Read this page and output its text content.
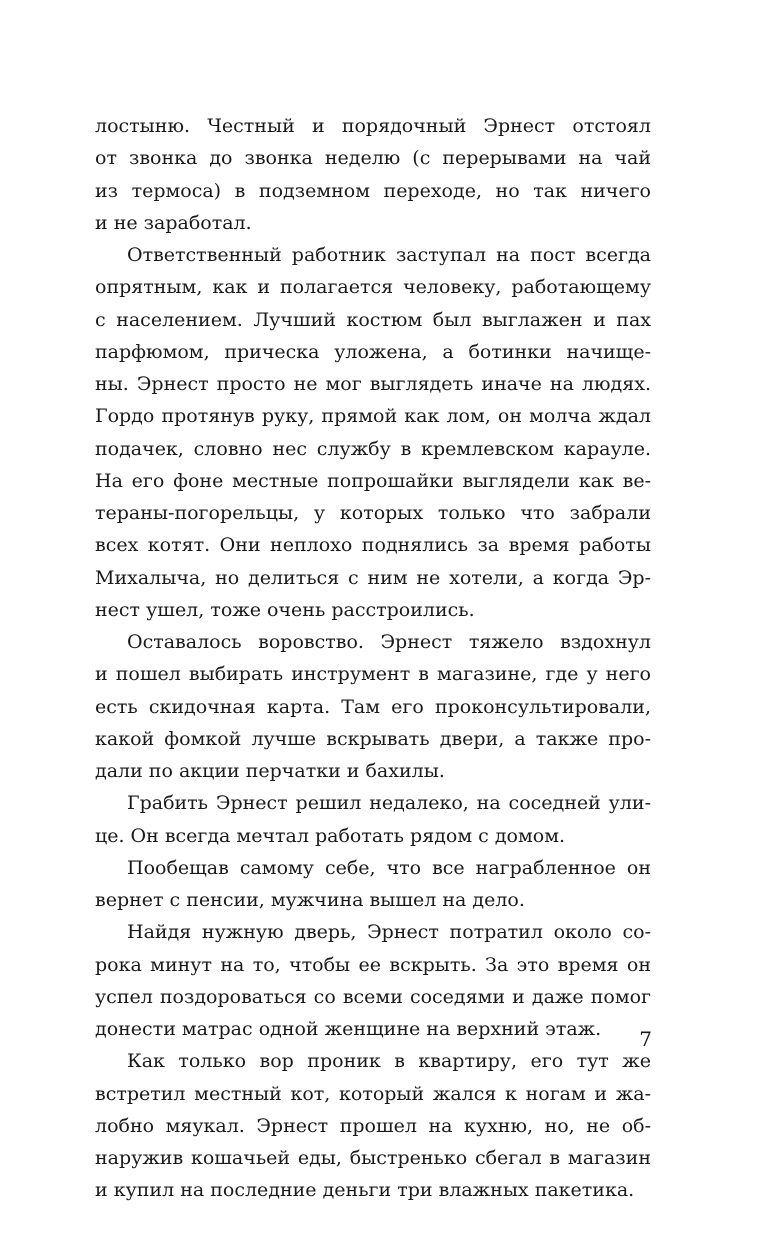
лостыню. Честный и порядочный Эрнест отстоял
от звонка до звонка неделю (с перерывами на чай
из термоса) в подземном переходе, но так ничего
и не заработал.
Ответственный работник заступал на пост всегда
опрятным, как и полагается человеку, работающему
с населением. Лучший костюм был выглажен и пах
парфюмом, прическа уложена, а ботинки начище-
ны. Эрнест просто не мог выглядеть иначе на людях.
Гордо протянув руку, прямой как лом, он молча ждал
подачек, словно нес службу в кремлевском карауле.
На его фоне местные попрошайки выглядели как ве-
тераны-погорельцы, у которых только что забрали
всех котят. Они неплохо поднялись за время работы
Михалыча, но делиться с ним не хотели, а когда Эр-
нест ушел, тоже очень расстроились.
Оставалось воровство. Эрнест тяжело вздохнул
и пошел выбирать инструмент в магазине, где у него
есть скидочная карта. Там его проконсультировали,
какой фомкой лучше вскрывать двери, а также про-
дали по акции перчатки и бахилы.
Грабить Эрнест решил недалеко, на соседней ули-
це. Он всегда мечтал работать рядом с домом.
Пообещав самому себе, что все награбленное он
вернет с пенсии, мужчина вышел на дело.
Найдя нужную дверь, Эрнест потратил около со-
рока минут на то, чтобы ее вскрыть. За это время он
успел поздороваться со всеми соседями и даже помог
донести матрас одной женщине на верхний этаж.
Как только вор проник в квартиру, его тут же
встретил местный кот, который жался к ногам и жа-
лобно мяукал. Эрнест прошел на кухню, но, не об-
наружив кошачьей еды, быстренько сбегал в магазин
и купил на последние деньги три влажных пакетика.
7
